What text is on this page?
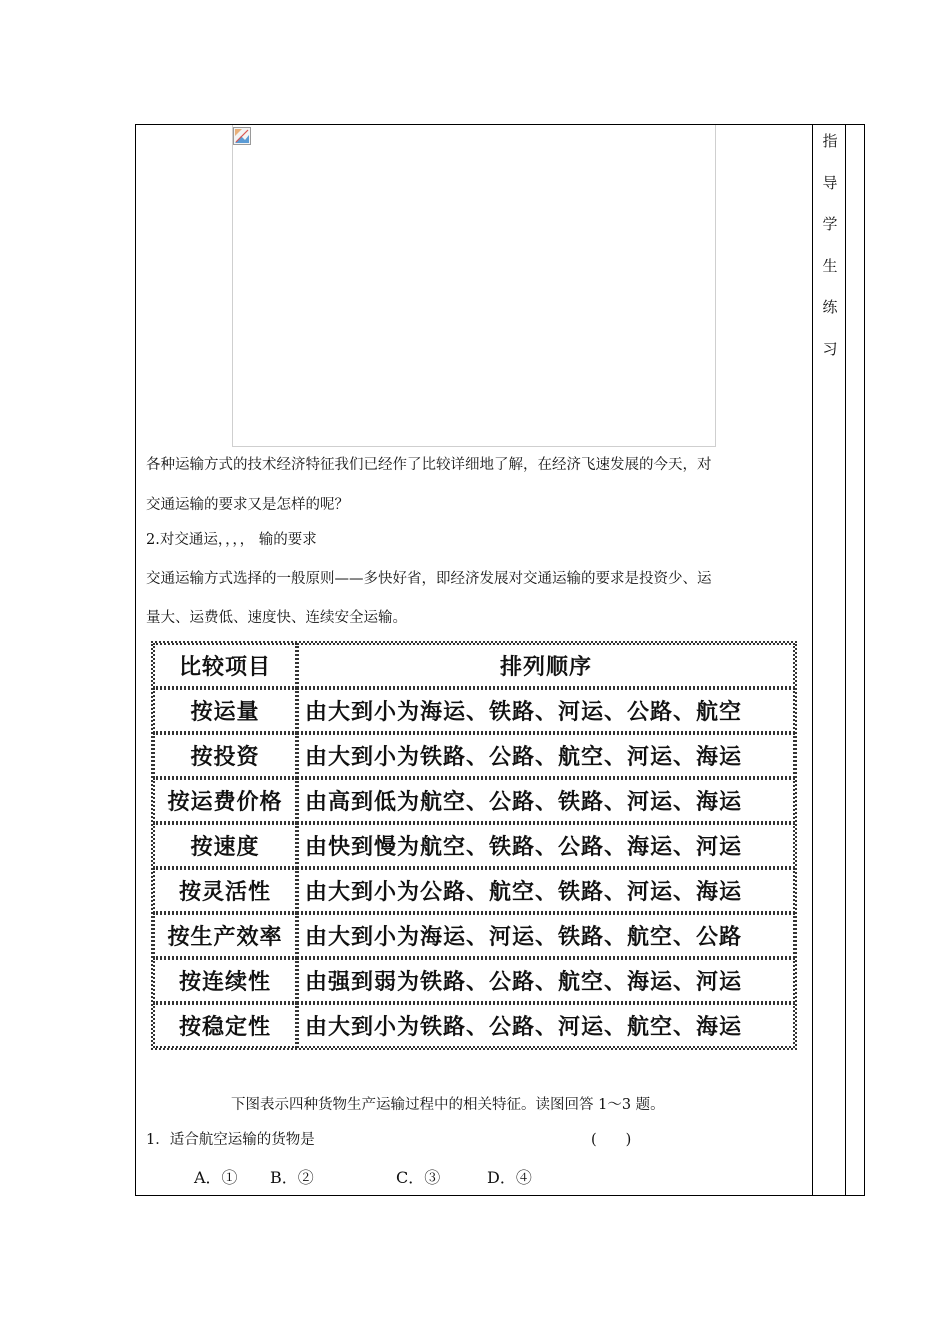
指
导
学
生
练
习
各种运输方式的技术经济特征我们已经作了比较详细地了解，在经济飞速发展的今天，对
交通运输的要求又是怎样的呢？
2.对交通运，，，， 输的要求
交通运输方式选择的一般原则——多快好省，即经济发展对交通运输的要求是投资少、运
量大、运费低、速度快、连续安全运输。
比较项目	排列顺序
按运量	由大到小为海运、铁路、河运、公路、航空
按投资	由大到小为铁路、公路、航空、河运、海运
按运费价格	由高到低为航空、公路、铁路、河运、海运
按速度	由快到慢为航空、铁路、公路、海运、河运
按灵活性	由大到小为公路、航空、铁路、河运、海运
按生产效率	由大到小为海运、河运、铁路、航空、公路
按连续性	由强到弱为铁路、公路、航空、海运、河运
按稳定性	由大到小为铁路、公路、河运、航空、海运
下图表示四种货物生产运输过程中的相关特征。读图回答 1～3 题。
1．适合航空运输的货物是	(　　)
A．① B．②	C．③	D．④
